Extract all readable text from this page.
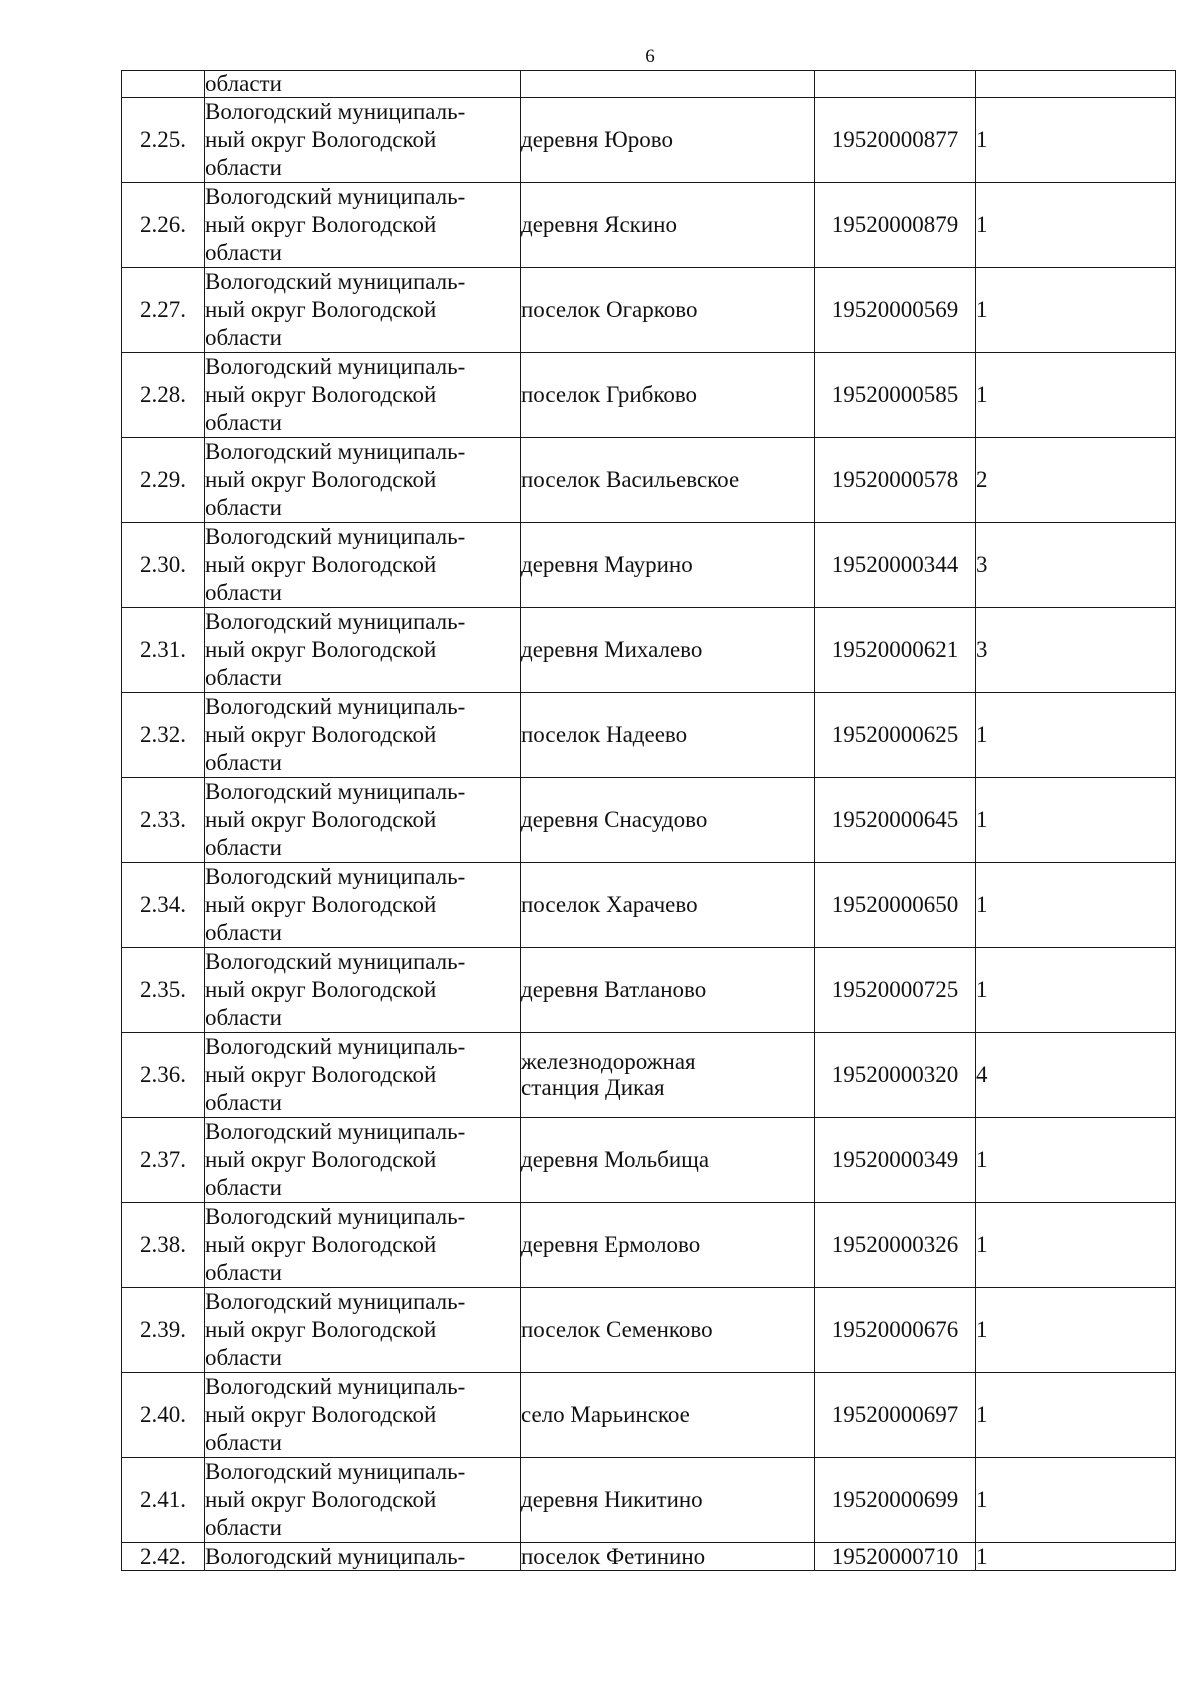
6
	области			
2.25.	Вологодский муниципаль-
ный округ Вологодской
области	деревня Юрово	19520000877	1
2.26.	Вологодский муниципаль-
ный округ Вологодской
области	деревня Яскино	19520000879	1
2.27.	Вологодский муниципаль-
ный округ Вологодской
области	поселок Огарково	19520000569	1
2.28.	Вологодский муниципаль-
ный округ Вологодской
области	поселок Грибково	19520000585	1
2.29.	Вологодский муниципаль-
ный округ Вологодской
области	поселок Васильевское	19520000578	2
2.30.	Вологодский муниципаль-
ный округ Вологодской
области	деревня Маурино	19520000344	3
2.31.	Вологодский муниципаль-
ный округ Вологодской
области	деревня Михалево	19520000621	3
2.32.	Вологодский муниципаль-
ный округ Вологодской
области	поселок Надеево	19520000625	1
2.33.	Вологодский муниципаль-
ный округ Вологодской
области	деревня Снасудово	19520000645	1
2.34.	Вологодский муниципаль-
ный округ Вологодской
области	поселок Харачево	19520000650	1
2.35.	Вологодский муниципаль-
ный округ Вологодской
области	деревня Ватланово	19520000725	1
2.36.	Вологодский муниципаль-
ный округ Вологодской
области	железнодорожная
станция Дикая	19520000320	4
2.37.	Вологодский муниципаль-
ный округ Вологодской
области	деревня Мольбища	19520000349	1
2.38.	Вологодский муниципаль-
ный округ Вологодской
области	деревня Ермолово	19520000326	1
2.39.	Вологодский муниципаль-
ный округ Вологодской
области	поселок Семенково	19520000676	1
2.40.	Вологодский муниципаль-
ный округ Вологодской
области	село Марьинское	19520000697	1
2.41.	Вологодский муниципаль-
ный округ Вологодской
области	деревня Никитино	19520000699	1
2.42.	Вологодский муниципаль-	поселок Фетинино	19520000710	1
